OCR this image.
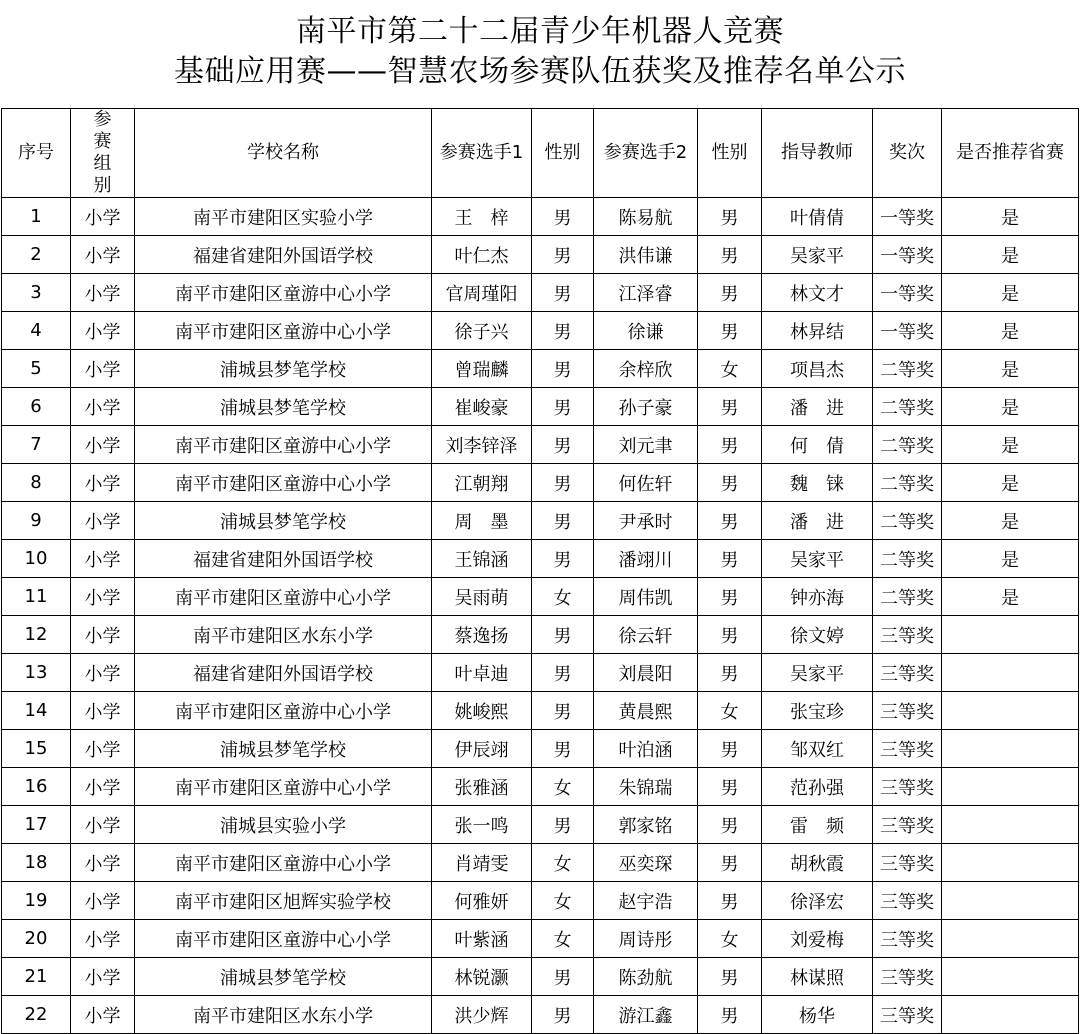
南平市第二十二届青少年机器人竞赛
基础应用赛——智慧农场参赛队伍获奖及推荐名单公示
序号	参赛组别	学校名称	参赛选手1	性别	参赛选手2	性别	指导教师	奖次	是否推荐省赛
1	小学	南平市建阳区实验小学	王　梓	男	陈易航	男	叶倩倩	一等奖	是
2	小学	福建省建阳外国语学校	叶仁杰	男	洪伟谦	男	吴家平	一等奖	是
3	小学	南平市建阳区童游中心小学	官周瑾阳	男	江泽睿	男	林文才	一等奖	是
4	小学	南平市建阳区童游中心小学	徐子兴	男	徐谦	男	林昇结	一等奖	是
5	小学	浦城县梦笔学校	曾瑞麟	男	余梓欣	女	项昌杰	二等奖	是
6	小学	浦城县梦笔学校	崔峻豪	男	孙子豪	男	潘　进	二等奖	是
7	小学	南平市建阳区童游中心小学	刘李锌泽	男	刘元聿	男	何　倩	二等奖	是
8	小学	南平市建阳区童游中心小学	江朝翔	男	何佐轩	男	魏　铼	二等奖	是
9	小学	浦城县梦笔学校	周　墨	男	尹承时	男	潘　进	二等奖	是
10	小学	福建省建阳外国语学校	王锦涵	男	潘翊川	男	吴家平	二等奖	是
11	小学	南平市建阳区童游中心小学	吴雨萌	女	周伟凯	男	钟亦海	二等奖	是
12	小学	南平市建阳区水东小学	蔡逸扬	男	徐云轩	男	徐文婷	三等奖	
13	小学	福建省建阳外国语学校	叶卓迪	男	刘晨阳	男	吴家平	三等奖	
14	小学	南平市建阳区童游中心小学	姚峻熙	男	黄晨熙	女	张宝珍	三等奖	
15	小学	浦城县梦笔学校	伊辰翊	男	叶泊涵	男	邹双红	三等奖	
16	小学	南平市建阳区童游中心小学	张雅涵	女	朱锦瑞	男	范孙强	三等奖	
17	小学	浦城县实验小学	张一鸣	男	郭家铭	男	雷　频	三等奖	
18	小学	南平市建阳区童游中心小学	肖靖雯	女	巫奕琛	男	胡秋霞	三等奖	
19	小学	南平市建阳区旭辉实验学校	何雅妍	女	赵宇浩	男	徐泽宏	三等奖	
20	小学	南平市建阳区童游中心小学	叶紫涵	女	周诗彤	女	刘爱梅	三等奖	
21	小学	浦城县梦笔学校	林锐灏	男	陈劲航	男	林谋照	三等奖	
22	小学	南平市建阳区水东小学	洪少辉	男	游江鑫	男	杨华	三等奖	
